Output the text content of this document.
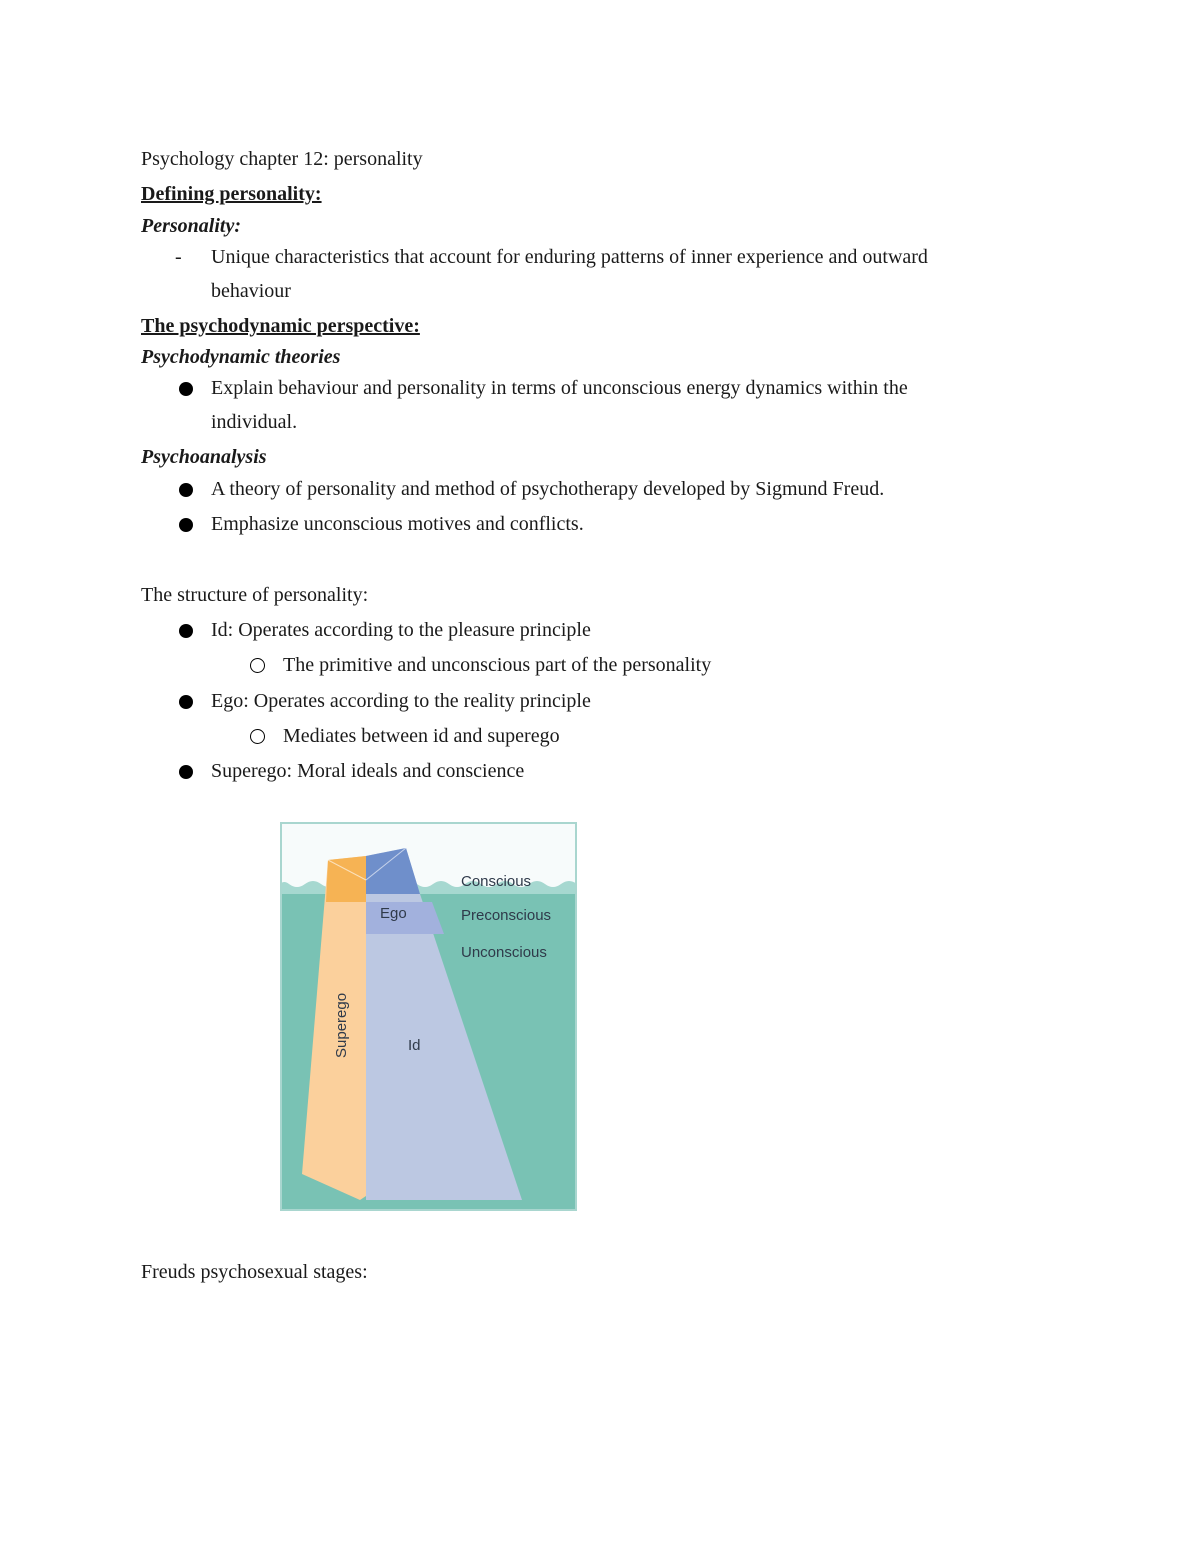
Psychology chapter 12: personality
Defining personality:
Personality:
- Unique characteristics that account for enduring patterns of inner experience and outward
behaviour
The psychodynamic perspective:
Psychodynamic theories
Explain behaviour and personality in terms of unconscious energy dynamics within the
individual.
Psychoanalysis
A theory of personality and method of psychotherapy developed by Sigmund Freud.
Emphasize unconscious motives and conflicts.
The structure of personality:
Id: Operates according to the pleasure principle
The primitive and unconscious part of the personality
Ego: Operates according to the reality principle
Mediates between id and superego
Superego: Moral ideals and conscience
Conscious
Preconscious
Unconscious
Ego
Id
Superego
Freuds psychosexual stages:
